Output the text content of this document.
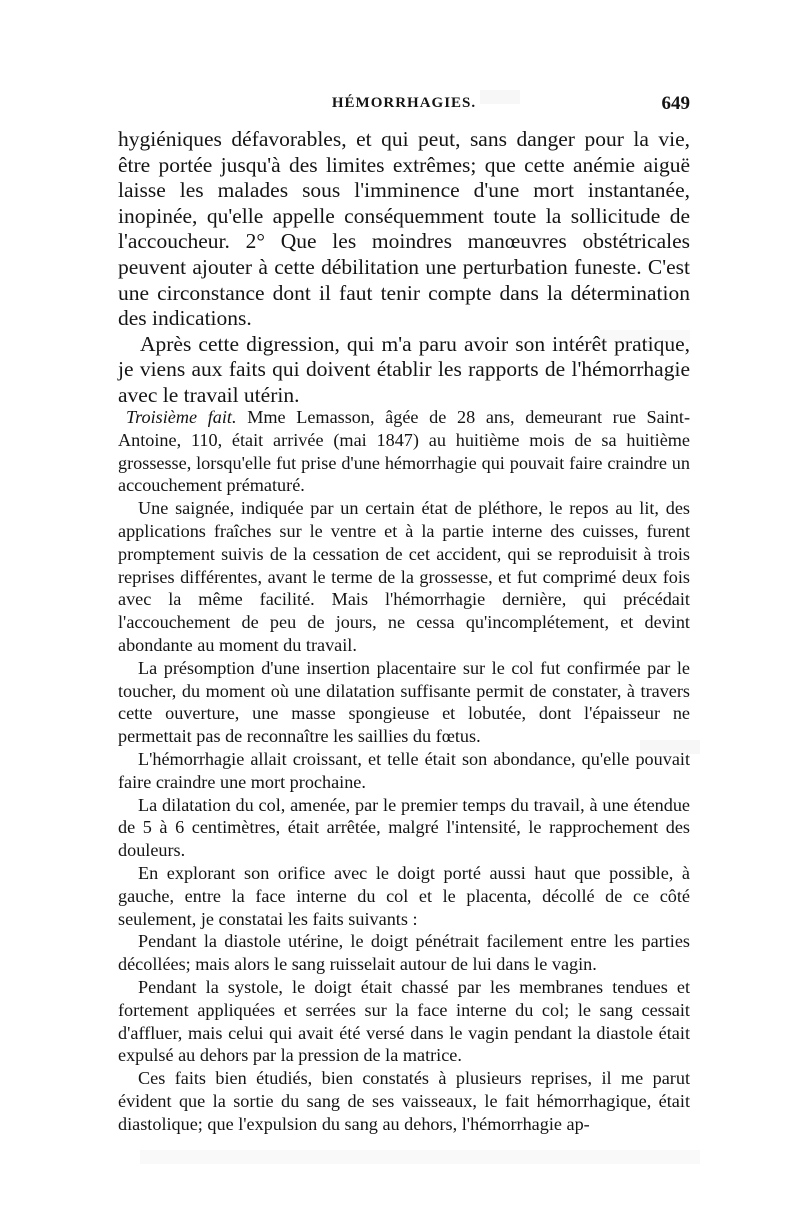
HÉMORRHAGIES.	649

hygiéniques défavorables, et qui peut, sans danger pour la vie, être portée jusqu'à des limites extrêmes; que cette anémie aiguë laisse les malades sous l'imminence d'une mort instantanée, inopinée, qu'elle appelle conséquemment toute la sollicitude de l'accoucheur. 2° Que les moindres manœuvres obstétricales peuvent ajouter à cette débilitation une perturbation funeste. C'est une circonstance dont il faut tenir compte dans la détermination des indications.

Après cette digression, qui m'a paru avoir son intérêt pratique, je viens aux faits qui doivent établir les rapports de l'hémorrhagie avec le travail utérin.

Troisième fait. Mme Lemasson, âgée de 28 ans, demeurant rue Saint-Antoine, 110, était arrivée (mai 1847) au huitième mois de sa huitième grossesse, lorsqu'elle fut prise d'une hémorrhagie qui pouvait faire craindre un accouchement prématuré.

Une saignée, indiquée par un certain état de pléthore, le repos au lit, des applications fraîches sur le ventre et à la partie interne des cuisses, furent promptement suivis de la cessation de cet accident, qui se reproduisit à trois reprises différentes, avant le terme de la grossesse, et fut comprimé deux fois avec la même facilité. Mais l'hémorrhagie dernière, qui précédait l'accouchement de peu de jours, ne cessa qu'incomplétement, et devint abondante au moment du travail.

La présomption d'une insertion placentaire sur le col fut confirmée par le toucher, du moment où une dilatation suffisante permit de constater, à travers cette ouverture, une masse spongieuse et lobutée, dont l'épaisseur ne permettait pas de reconnaître les saillies du fœtus.

L'hémorrhagie allait croissant, et telle était son abondance, qu'elle pouvait faire craindre une mort prochaine.

La dilatation du col, amenée, par le premier temps du travail, à une étendue de 5 à 6 centimètres, était arrêtée, malgré l'intensité, le rapprochement des douleurs.

En explorant son orifice avec le doigt porté aussi haut que possible, à gauche, entre la face interne du col et le placenta, décollé de ce côté seulement, je constatai les faits suivants :

Pendant la diastole utérine, le doigt pénétrait facilement entre les parties décollées; mais alors le sang ruisselait autour de lui dans le vagin.

Pendant la systole, le doigt était chassé par les membranes tendues et fortement appliquées et serrées sur la face interne du col; le sang cessait d'affluer, mais celui qui avait été versé dans le vagin pendant la diastole était expulsé au dehors par la pression de la matrice.

Ces faits bien étudiés, bien constatés à plusieurs reprises, il me parut évident que la sortie du sang de ses vaisseaux, le fait hémorrhagique, était diastolique; que l'expulsion du sang au dehors, l'hémorrhagie ap-
